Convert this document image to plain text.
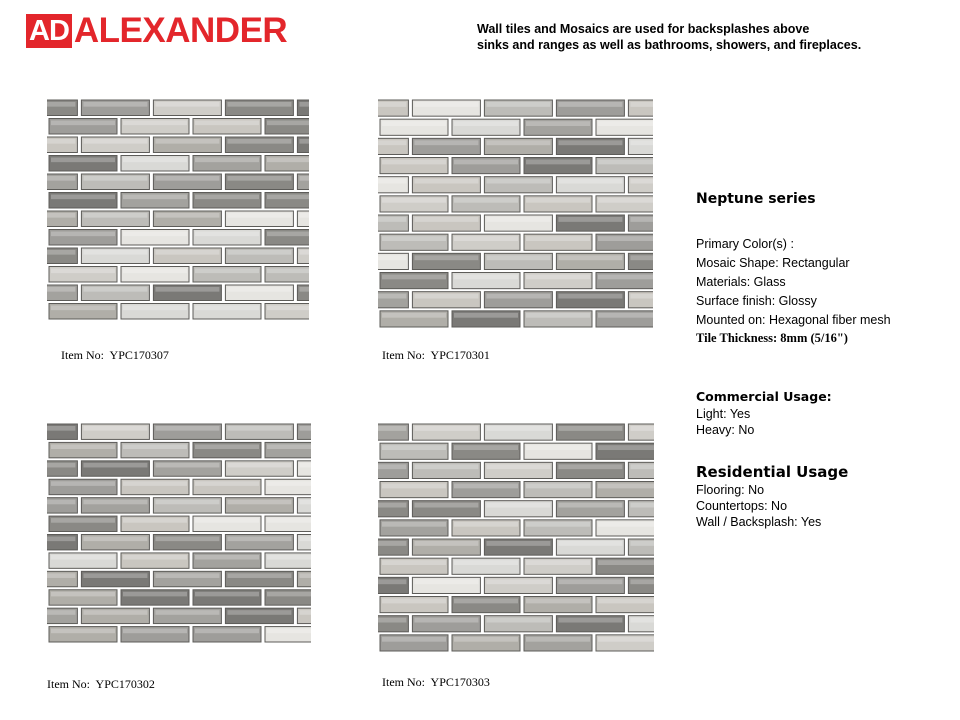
AD ALEXANDER	Wall tiles and Mosaics are used for backsplashes above
sinks and ranges as well as bathrooms, showers, and fireplaces.
Item No:  YPC170307	Item No:  YPC170301
Item No:  YPC170302	Item No:  YPC170303
Neptune series
Primary Color(s) :
Mosaic Shape: Rectangular
Materials: Glass
Surface finish: Glossy
Mounted on: Hexagonal fiber mesh
Tile Thickness: 8mm (5/16")
Commercial Usage:
Light: Yes
Heavy: No
Residential Usage
Flooring: No
Countertops: No
Wall / Backsplash: Yes
